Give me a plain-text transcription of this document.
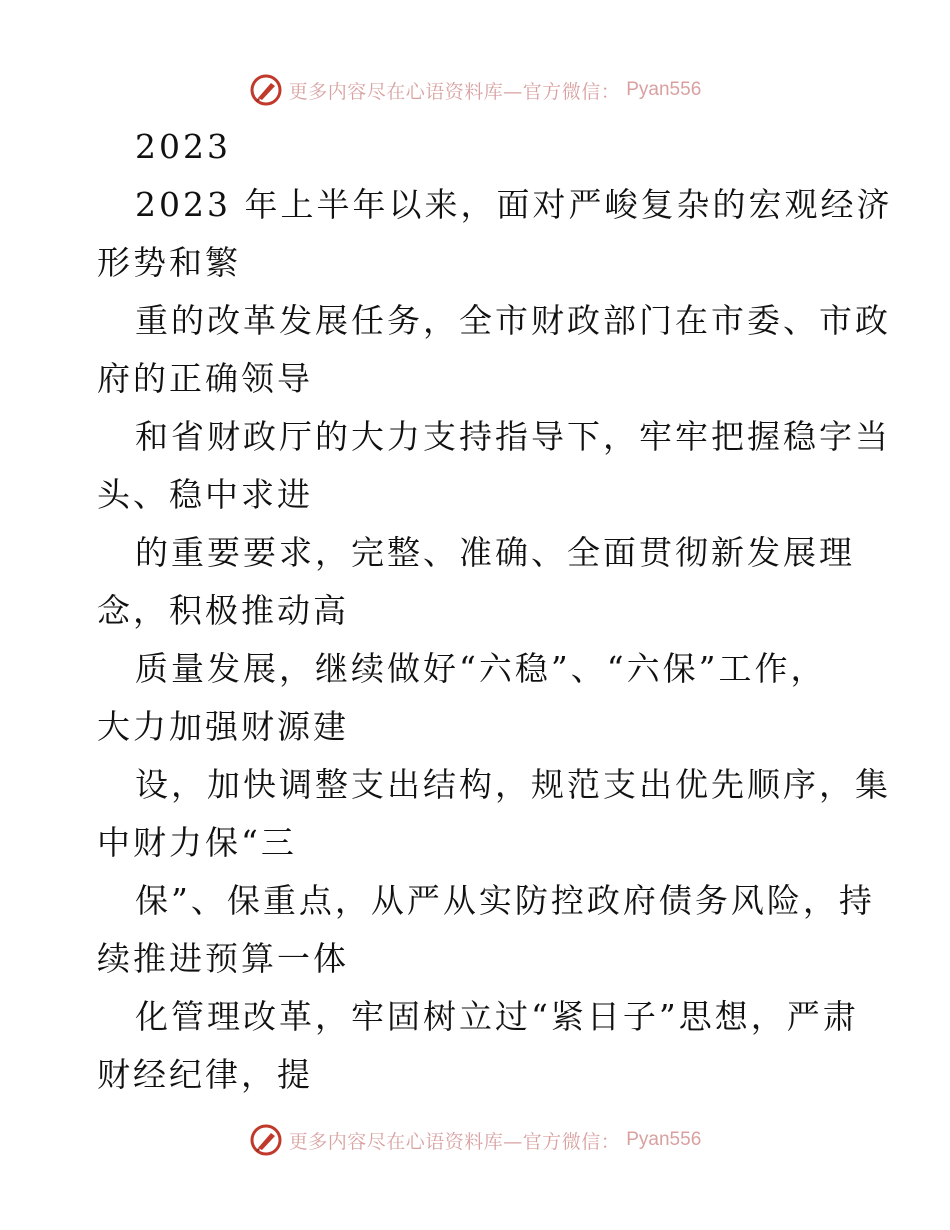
更多内容尽在心语资料库—官方微信： Pyan556
2023
2023 年上半年以来，面对严峻复杂的宏观经济
形势和繁
重的改革发展任务，全市财政部门在市委、市政
府的正确领导
和省财政厅的大力支持指导下，牢牢把握稳字当
头、稳中求进
的重要要求，完整、准确、全面贯彻新发展理
念，积极推动高
质量发展，继续做好“六稳”、“六保”工作，
大力加强财源建
设，加快调整支出结构，规范支出优先顺序，集
中财力保“三
保”、保重点，从严从实防控政府债务风险，持
续推进预算一体
化管理改革，牢固树立过“紧日子”思想，严肃
财经纪律，提
更多内容尽在心语资料库—官方微信： Pyan556
